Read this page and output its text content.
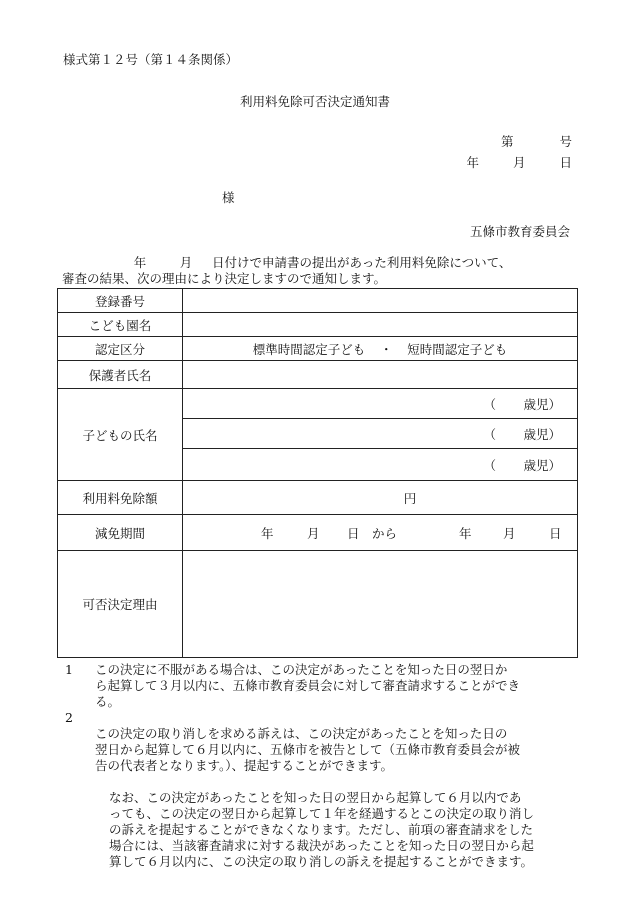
様式第１２号（第１４条関係）
利用料免除可否決定通知書
第	号
年	月	日
様
五條市教育委員会
年	月 日付けで申請書の提出があった利用料免除について、
審査の結果、次の理由により決定しますので通知します。
登録番号	
こども園名	
認定区分	標準時間認定子ども ・ 短時間認定子ども
保護者氏名	
子どもの氏名	（ 歳児）
	（ 歳児）
	（ 歳児）
利用料免除額	円
減免期間	年 月 日　から 年 月 日
可否決定理由	
1	この決定に不服がある場合は、この決定があったことを知った日の翌日か
ら起算して３月以内に、五條市教育委員会に対して審査請求することができ
る。
2

この決定の取り消しを求める訴えは、この決定があったことを知った日の
翌日から起算して６月以内に、五條市を被告として（五條市教育委員会が被
告の代表者となります。）、提起することができます。

なお、この決定があったことを知った日の翌日から起算して６月以内であ
っても、この決定の翌日から起算して１年を経過するとこの決定の取り消し
の訴えを提起することができなくなります。ただし、前項の審査請求をした
場合には、当該審査請求に対する裁決があったことを知った日の翌日から起
算して６月以内に、この決定の取り消しの訴えを提起することができます。
